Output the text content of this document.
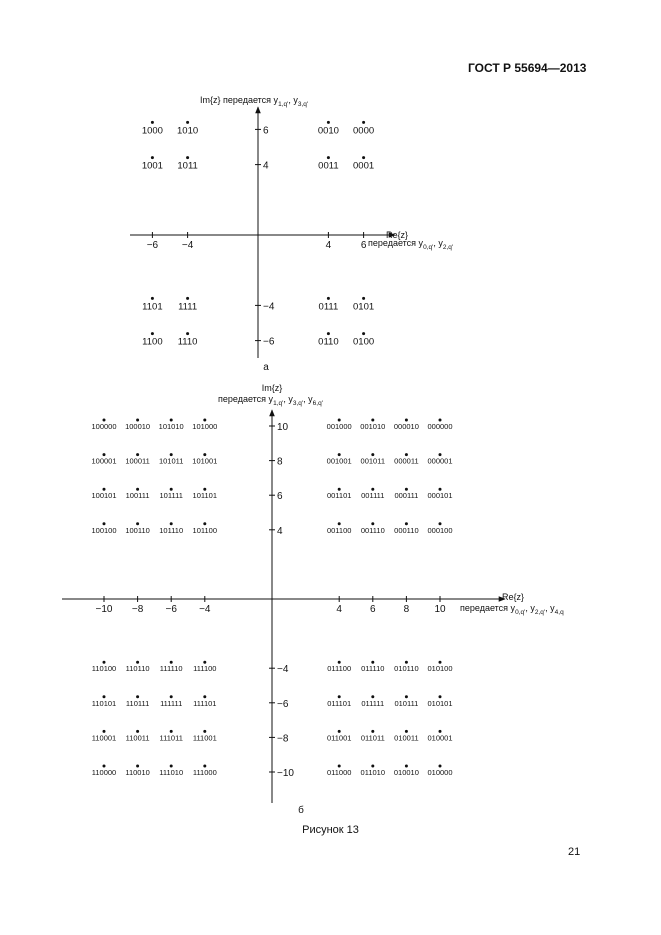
ГОСТ Р 55694—2013
−6 −4	4	6
6
4
−4
−6
1000 1010	0010 0000
1001 1011	0011 0001
1101 1111	0111 0101
1100 1110	0110 0100
а
Im{z} передается $y_{1,q'}$, $y_{3,q'}$
Re{z}
передается $y_{0,q'}$, $y_{2,q'}$
−10 −8 −6 −4	4	6	8	10
10
8
6
4
−4
−6
−8
−10
100000 100010 101010 101000	001000 001010 000010 000000
100001 100011 101011 101001	001001 001011 000011 000001
100101 100111 101111 101101	001101 001111 000111 000101
100100 100110 101110 101100	001100 001110 000110 000100
110100 110110 111110 111100	011100 011110 010110 010100
110101 110111 111111 111101	011101 011111 010111 010101
110001 110011 111011 111001	011001 011011 010011 010001
110000 110010 111010 111000	011000 011010 010010 010000
б
Im{z}
передается $y_{1,q'}$, $y_{3,q'}$, $y_{6,q'}$
Re{z}
передается $y_{0,q'}$, $y_{2,q'}$, $y_{4,q}$
Рисунок 13
21
